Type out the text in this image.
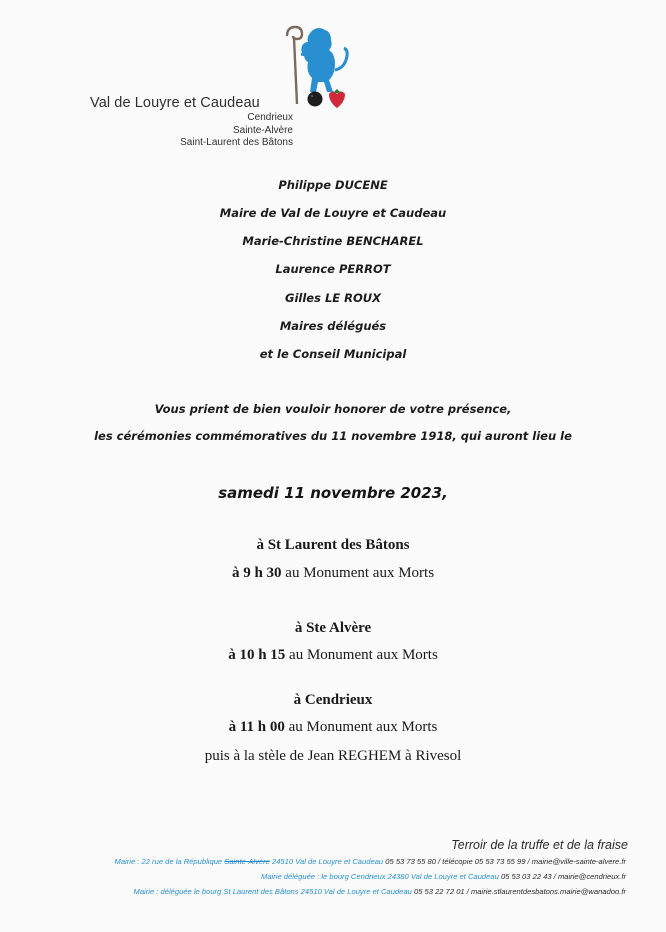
Val de Louyre et Caudeau
Cendrieux
Sainte-Alvère
Saint-Laurent des Bâtons
Philippe DUCENE
Maire de Val de Louyre et Caudeau
Marie-Christine BENCHAREL
Laurence PERROT
Gilles LE ROUX
Maires délégués
et le Conseil Municipal
Vous prient de bien vouloir honorer de votre présence,
les cérémonies commémoratives du 11 novembre 1918, qui auront lieu le
samedi 11 novembre 2023,
à St Laurent des Bâtons
à 9 h 30 au Monument aux Morts
à Ste Alvère
à 10 h 15 au Monument aux Morts
à Cendrieux
à 11 h 00 au Monument aux Morts
puis à la stèle de Jean REGHEM à Rivesol
Terroir de la truffe et de la fraise
Mairie : 22 rue de la République Sainte-Alvère 24510 Val de Louyre et Caudeau 05 53 73 55 80 / télécopie 05 53 73 55 99 / mairie@ville-sainte-alvere.fr
Mairie déléguée : le bourg Cendrieux 24380 Val de Louyre et Caudeau 05 53 03 22 43 / mairie@cendrieux.fr
Mairie : déléguée le bourg St Laurent des Bâtons 24510 Val de Louyre et Caudeau 05 53 22 72 01 / mairie.stlaurentdesbatons.mairie@wanadoo.fr
